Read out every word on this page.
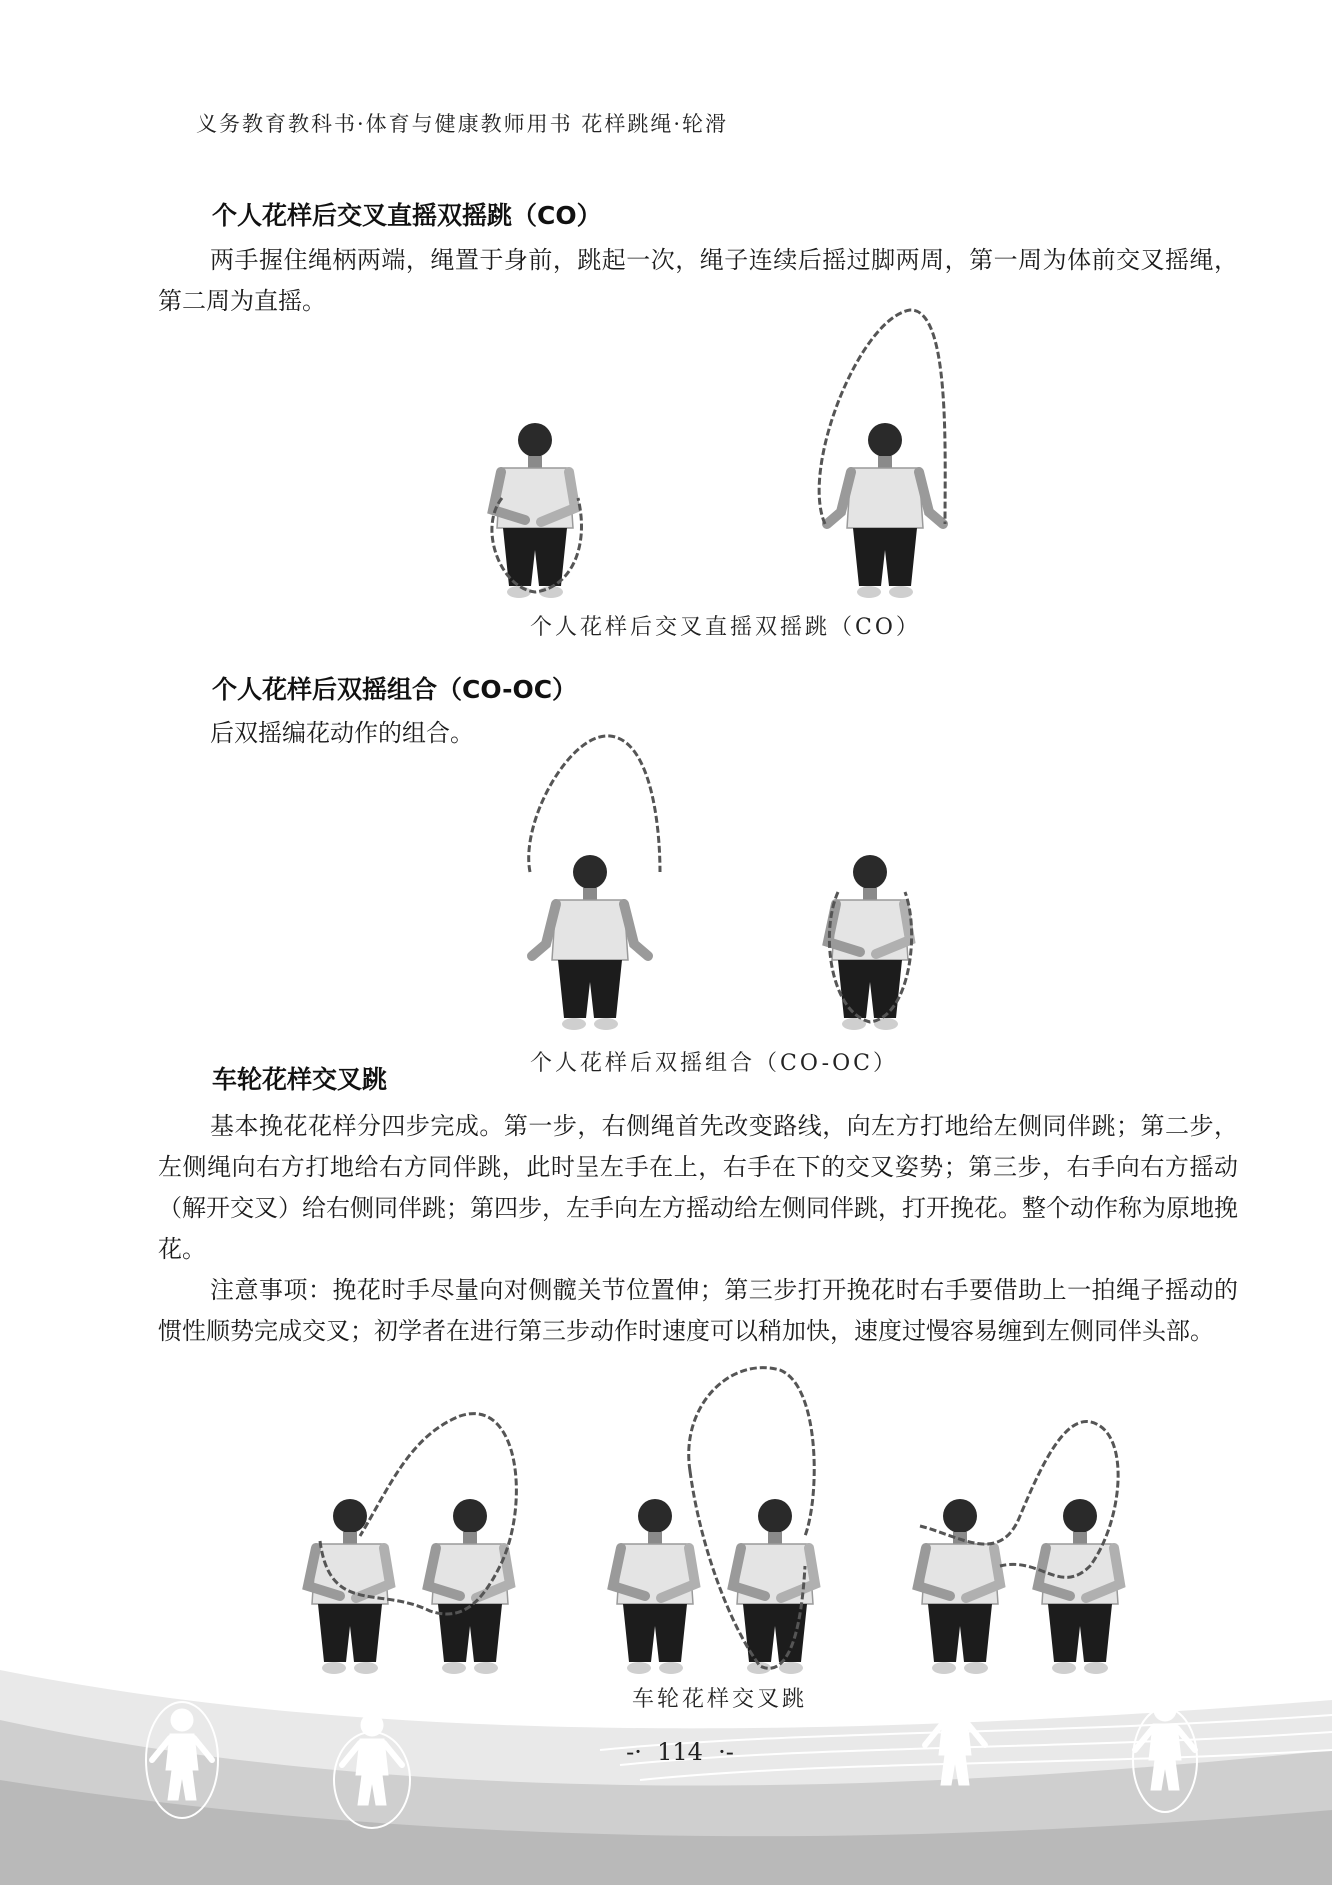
义务教育教科书·体育与健康教师用书 花样跳绳·轮滑
个人花样后交叉直摇双摇跳（CO）

两手握住绳柄两端，绳置于身前，跳起一次，绳子连续后摇过脚两周，第一周为体前交叉摇绳，第二周为直摇。

个人花样后交叉直摇双摇跳（CO）
个人花样后双摇组合（CO-OC）

后双摇编花动作的组合。

个人花样后双摇组合（CO-OC）
车轮花样交叉跳

基本挽花花样分四步完成。第一步，右侧绳首先改变路线，向左方打地给左侧同伴跳；第二步，左侧绳向右方打地给右方同伴跳，此时呈左手在上，右手在下的交叉姿势；第三步，右手向右方摇动（解开交叉）给右侧同伴跳；第四步，左手向左方摇动给左侧同伴跳，打开挽花。整个动作称为原地挽花。

注意事项：挽花时手尽量向对侧髋关节位置伸；第三步打开挽花时右手要借助上一拍绳子摇动的惯性顺势完成交叉；初学者在进行第三步动作时速度可以稍加快，速度过慢容易缠到左侧同伴头部。

车轮花样交叉跳
-· 114 ·-
